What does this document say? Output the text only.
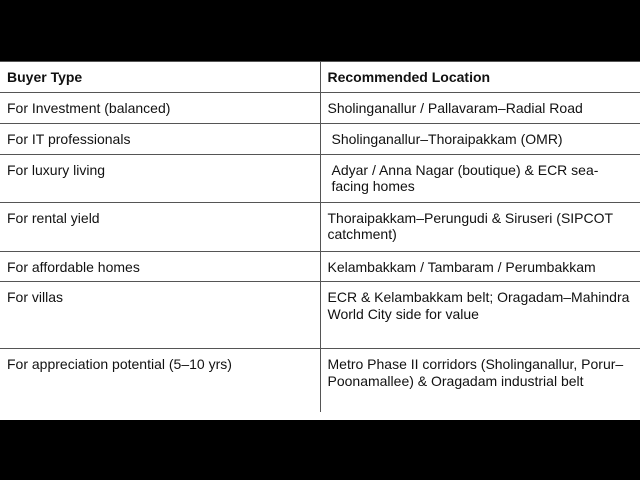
Buyer Type	Recommended Location
For Investment (balanced)	Sholinganallur / Pallavaram–Radial Road
For IT professionals	Sholinganallur–Thoraipakkam (OMR)
For luxury living	Adyar / Anna Nagar (boutique) & ECR sea-facing homes
For rental yield	Thoraipakkam–Perungudi & Siruseri (SIPCOT catchment)
For affordable homes	Kelambakkam / Tambaram / Perumbakkam
For villas	ECR & Kelambakkam belt; Oragadam–Mahindra World City side for value
For appreciation potential (5–10 yrs)	Metro Phase II corridors (Sholinganallur, Porur–Poonamallee) & Oragadam industrial belt
